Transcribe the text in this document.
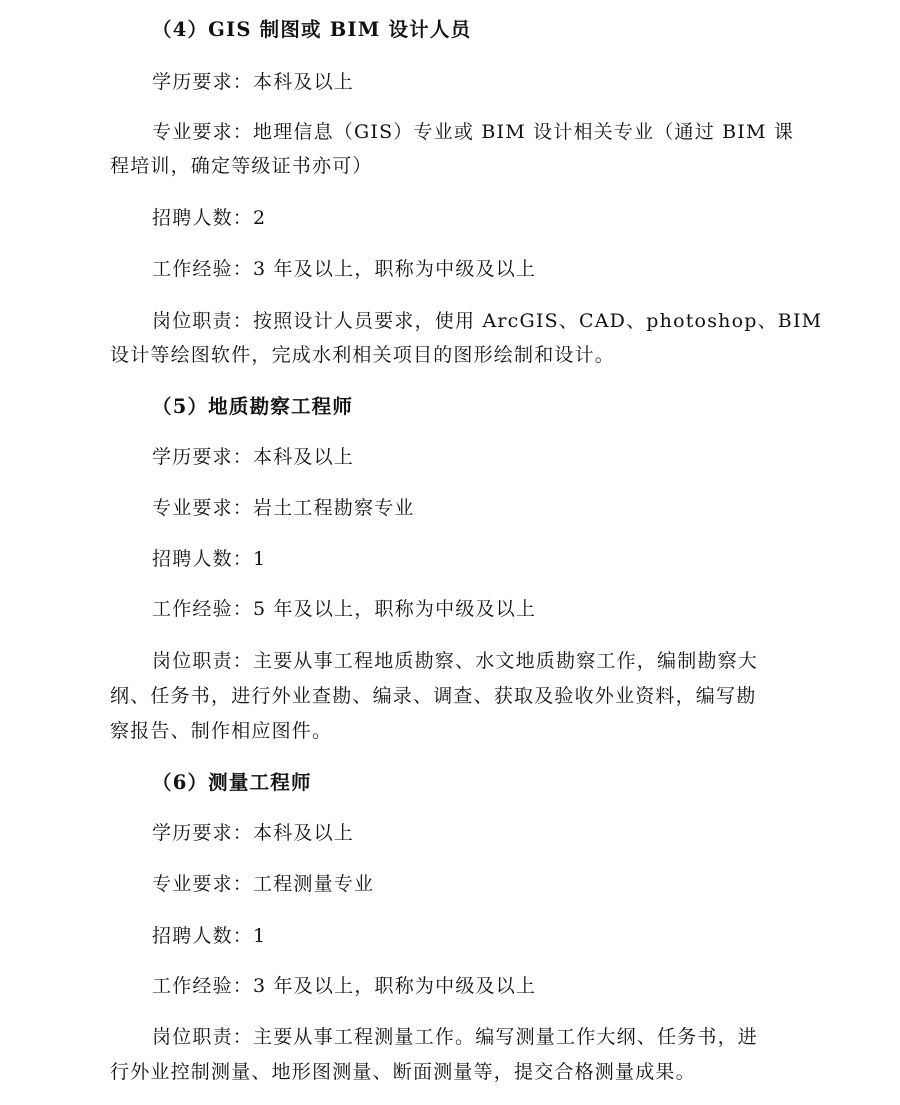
（4）GIS 制图或 BIM 设计人员
学历要求：本科及以上
专业要求：地理信息（GIS）专业或 BIM 设计相关专业（通过 BIM 课
程培训，确定等级证书亦可）
招聘人数：2
工作经验：3 年及以上，职称为中级及以上
岗位职责：按照设计人员要求，使用 ArcGIS、CAD、photoshop、BIM
设计等绘图软件，完成水利相关项目的图形绘制和设计。
（5）地质勘察工程师
学历要求：本科及以上
专业要求：岩土工程勘察专业
招聘人数：1
工作经验：5 年及以上，职称为中级及以上
岗位职责：主要从事工程地质勘察、水文地质勘察工作，编制勘察大
纲、任务书，进行外业查勘、编录、调查、获取及验收外业资料，编写勘
察报告、制作相应图件。
（6）测量工程师
学历要求：本科及以上
专业要求：工程测量专业
招聘人数：1
工作经验：3 年及以上，职称为中级及以上
岗位职责：主要从事工程测量工作。编写测量工作大纲、任务书，进
行外业控制测量、地形图测量、断面测量等，提交合格测量成果。
